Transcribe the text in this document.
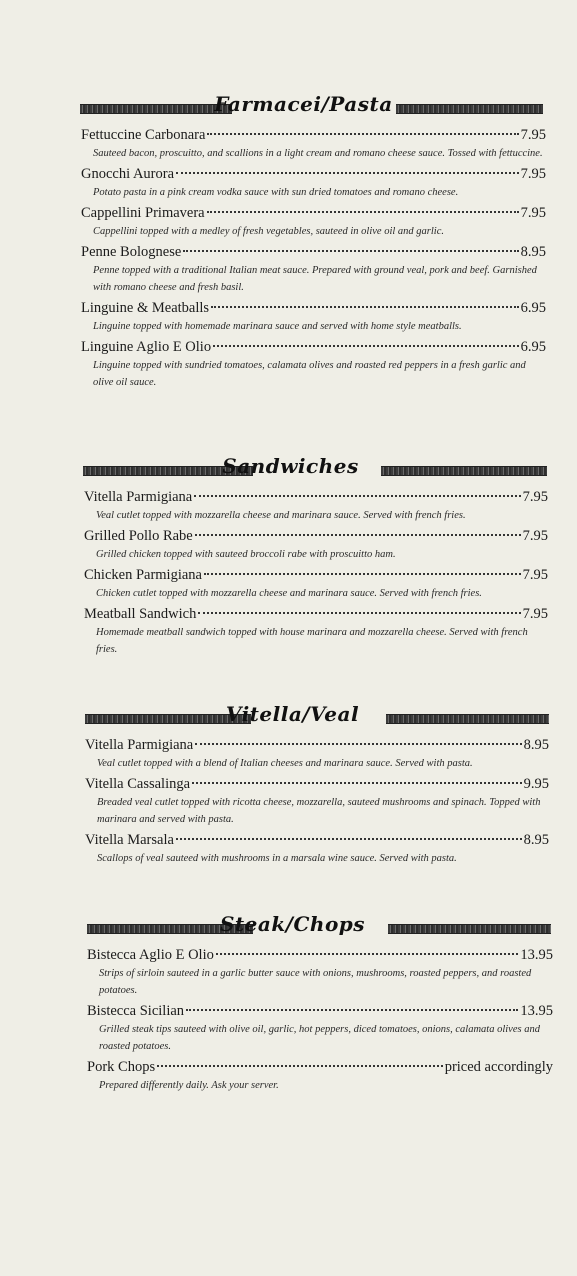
Farmacei/Pasta
Fettuccine Carbonara	7.95
Sauteed bacon, proscuitto, and scallions in a light cream and romano cheese sauce. Tossed with fettuccine.
Gnocchi Aurora	7.95
Potato pasta in a pink cream vodka sauce with sun dried tomatoes and romano cheese.
Cappellini Primavera	7.95
Cappellini topped with a medley of fresh vegetables, sauteed in olive oil and garlic.
Penne Bolognese	8.95
Penne topped with a traditional Italian meat sauce. Prepared with ground veal, pork and beef. Garnished with romano cheese and fresh basil.
Linguine & Meatballs	6.95
Linguine topped with homemade marinara sauce and served with home style meatballs.
Linguine Aglio E Olio	6.95
Linguine topped with sundried tomatoes, calamata olives and roasted red peppers in a fresh garlic and olive oil sauce.
Sandwiches
Vitella Parmigiana	7.95
Veal cutlet topped with mozzarella cheese and marinara sauce. Served with french fries.
Grilled Pollo Rabe	7.95
Grilled chicken topped with sauteed broccoli rabe with proscuitto ham.
Chicken Parmigiana	7.95
Chicken cutlet topped with mozzarella cheese and marinara sauce. Served with french fries.
Meatball Sandwich	7.95
Homemade meatball sandwich topped with house marinara and mozzarella cheese. Served with french fries.
Vitella/Veal
Vitella Parmigiana	8.95
Veal cutlet topped with a blend of Italian cheeses and marinara sauce. Served with pasta.
Vitella Cassalinga	9.95
Breaded veal cutlet topped with ricotta cheese, mozzarella, sauteed mushrooms and spinach. Topped with marinara and served with pasta.
Vitella Marsala	8.95
Scallops of veal sauteed with mushrooms in a marsala wine sauce. Served with pasta.
Steak/Chops
Bistecca Aglio E Olio	13.95
Strips of sirloin sauteed in a garlic butter sauce with onions, mushrooms, roasted peppers, and roasted potatoes.
Bistecca Sicilian	13.95
Grilled steak tips sauteed with olive oil, garlic, hot peppers, diced tomatoes, onions, calamata olives and roasted potatoes.
Pork Chops	priced accordingly
Prepared differently daily. Ask your server.
